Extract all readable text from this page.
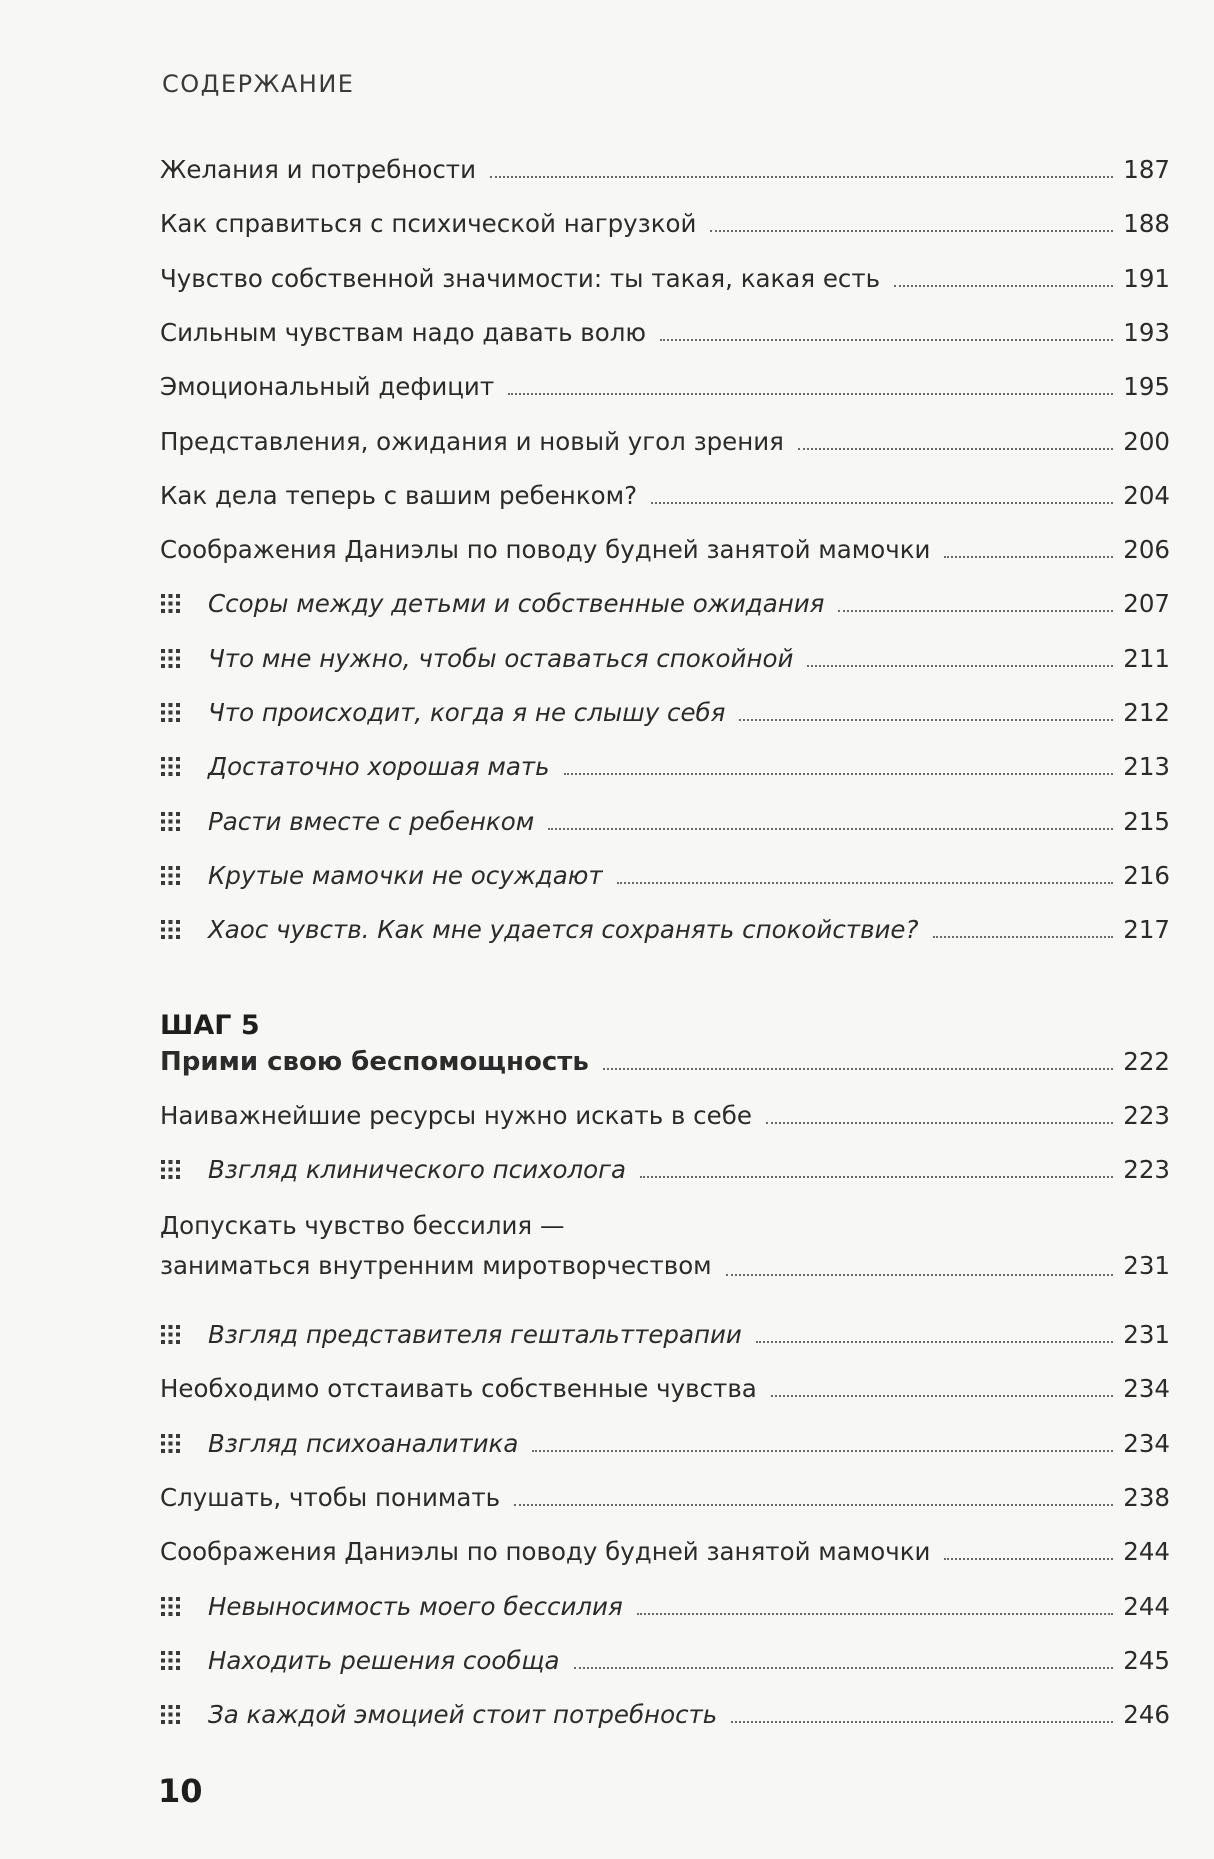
СОДЕРЖАНИЕ
Желания и потребности	187
Как справиться с психической нагрузкой	188
Чувство собственной значимости: ты такая, какая есть	191
Сильным чувствам надо давать волю	193
Эмоциональный дефицит	195
Представления, ожидания и новый угол зрения	200
Как дела теперь с вашим ребенком?	204
Соображения Даниэлы по поводу будней занятой мамочки	206
Ссоры между детьми и собственные ожидания	207
Что мне нужно, чтобы оставаться спокойной	211
Что происходит, когда я не слышу себя	212
Достаточно хорошая мать	213
Расти вместе с ребенком	215
Крутые мамочки не осуждают	216
Хаос чувств. Как мне удается сохранять спокойствие?	217
ШАГ 5
Прими свою беспомощность	222
Наиважнейшие ресурсы нужно искать в себе	223
Взгляд клинического психолога	223
Допускать чувство бессилия —
заниматься внутренним миротворчеством	231
Взгляд представителя гештальттерапии	231
Необходимо отстаивать собственные чувства	234
Взгляд психоаналитика	234
Слушать, чтобы понимать	238
Соображения Даниэлы по поводу будней занятой мамочки	244
Невыносимость моего бессилия	244
Находить решения сообща	245
За каждой эмоцией стоит потребность	246
10
